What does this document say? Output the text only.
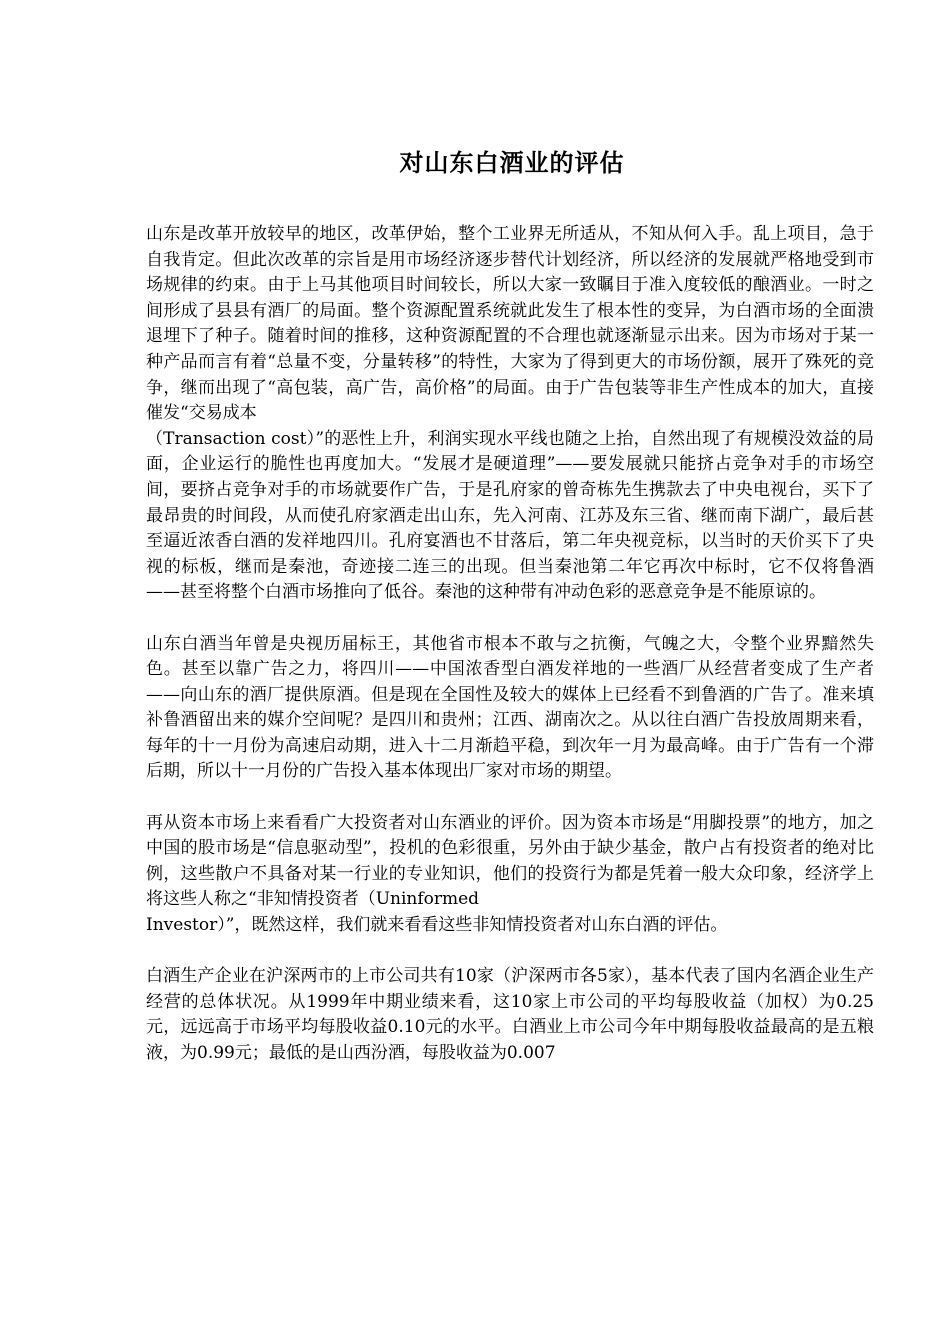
对山东白酒业的评估

山东是改革开放较早的地区，改革伊始，整个工业界无所适从，不知从何入手。乱上项目，急于自我肯定。但此次改革的宗旨是用市场经济逐步替代计划经济，所以经济的发展就严格地受到市场规律的约束。由于上马其他项目时间较长，所以大家一致瞩目于准入度较低的酿酒业。一时之间形成了县县有酒厂的局面。整个资源配置系统就此发生了根本性的变异，为白酒市场的全面溃退埋下了种子。随着时间的推移，这种资源配置的不合理也就逐渐显示出来。因为市场对于某一种产品而言有着“总量不变，分量转移”的特性，大家为了得到更大的市场份额，展开了殊死的竞争，继而出现了“高包装，高广告，高价格”的局面。由于广告包装等非生产性成本的加大，直接催发“交易成本
（Transaction cost）”的恶性上升，利润实现水平线也随之上抬，自然出现了有规模没效益的局面，企业运行的脆性也再度加大。“发展才是硬道理”——要发展就只能挤占竞争对手的市场空间，要挤占竞争对手的市场就要作广告，于是孔府家的曾奇栋先生携款去了中央电视台，买下了最昂贵的时间段，从而使孔府家酒走出山东，先入河南、江苏及东三省、继而南下湖广，最后甚至逼近浓香白酒的发祥地四川。孔府宴酒也不甘落后，第二年央视竞标，以当时的天价买下了央视的标板，继而是秦池，奇迹接二连三的出现。但当秦池第二年它再次中标时，它不仅将鲁酒——甚至将整个白酒市场推向了低谷。秦池的这种带有冲动色彩的恶意竞争是不能原谅的。

山东白酒当年曾是央视历届标王，其他省市根本不敢与之抗衡，气魄之大，令整个业界黯然失色。甚至以靠广告之力，将四川——中国浓香型白酒发祥地的一些酒厂从经营者变成了生产者——向山东的酒厂提供原酒。但是现在全国性及较大的媒体上已经看不到鲁酒的广告了。准来填补鲁酒留出来的媒介空间呢？是四川和贵州；江西、湖南次之。从以往白酒广告投放周期来看，每年的十一月份为高速启动期，进入十二月渐趋平稳，到次年一月为最高峰。由于广告有一个滞后期，所以十一月份的广告投入基本体现出厂家对市场的期望。

再从资本市场上来看看广大投资者对山东酒业的评价。因为资本市场是“用脚投票”的地方，加之中国的股市场是“信息驱动型”，投机的色彩很重，另外由于缺少基金，散户占有投资者的绝对比例，这些散户不具备对某一行业的专业知识，他们的投资行为都是凭着一般大众印象，经济学上将这些人称之“非知情投资者（Uninformed
Investor）”，既然这样，我们就来看看这些非知情投资者对山东白酒的评估。

白酒生产企业在沪深两市的上市公司共有10家（沪深两市各5家），基本代表了国内名酒企业生产经营的总体状况。从1999年中期业绩来看，这10家上市公司的平均每股收益（加权）为0.25元，远远高于市场平均每股收益0.10元的水平。白酒业上市公司今年中期每股收益最高的是五粮液，为0.99元；最低的是山西汾酒，每股收益为0.007
